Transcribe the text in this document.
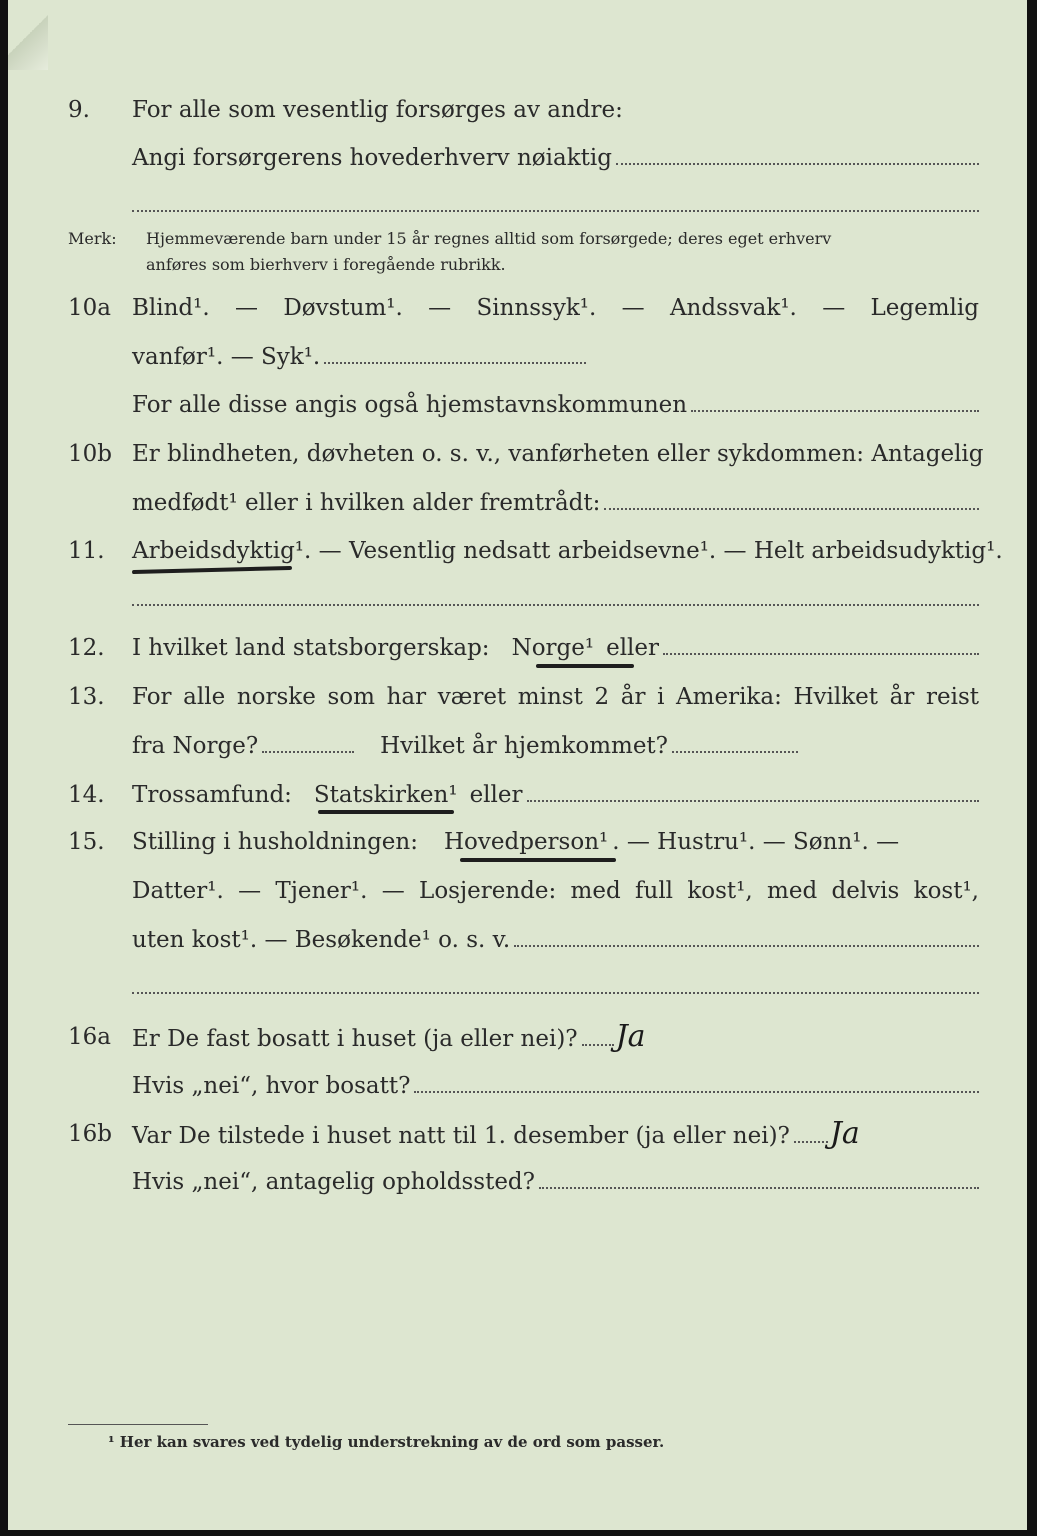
9. For alle som vesentlig forsørges av andre:
Angi forsørgerens hovederhverv nøiaktig
Merk: Hjemmeværende barn under 15 år regnes alltid som forsørgede; deres eget erhverv
anføres som bierhverv i foregående rubrikk.
10a Blind¹. — Døvstum¹. — Sinnssyk¹. — Andssvak¹. — Legemlig
vanfør¹. — Syk¹.
For alle disse angis også hjemstavnskommunen
10b Er blindheten, døvheten o. s. v., vanførheten eller sykdommen: Antagelig
medfødt¹ eller i hvilken alder fremtrådt:
11. Arbeidsdyktig¹. — Vesentlig nedsatt arbeidsevne¹. — Helt arbeidsudyktig¹.
12. I hvilket land statsborgerskap: Norge¹ eller
13. For alle norske som har været minst 2 år i Amerika: Hvilket år reist
fra Norge?	Hvilket år hjemkommet?
14. Trossamfund: Statskirken¹ eller
15. Stilling i husholdningen: Hovedperson¹ . — Hustru¹. — Sønn¹. —
Datter¹. — Tjener¹. — Losjerende: med full kost¹, med delvis kost¹,
uten kost¹. — Besøkende¹ o. s. v.
16a Er De fast bosatt i huset (ja eller nei)? Ja
Hvis „nei“, hvor bosatt?
16b Var De tilstede i huset natt til 1. desember (ja eller nei)? Ja
Hvis „nei“, antagelig opholdssted?
¹ Her kan svares ved tydelig understrekning av de ord som passer.
